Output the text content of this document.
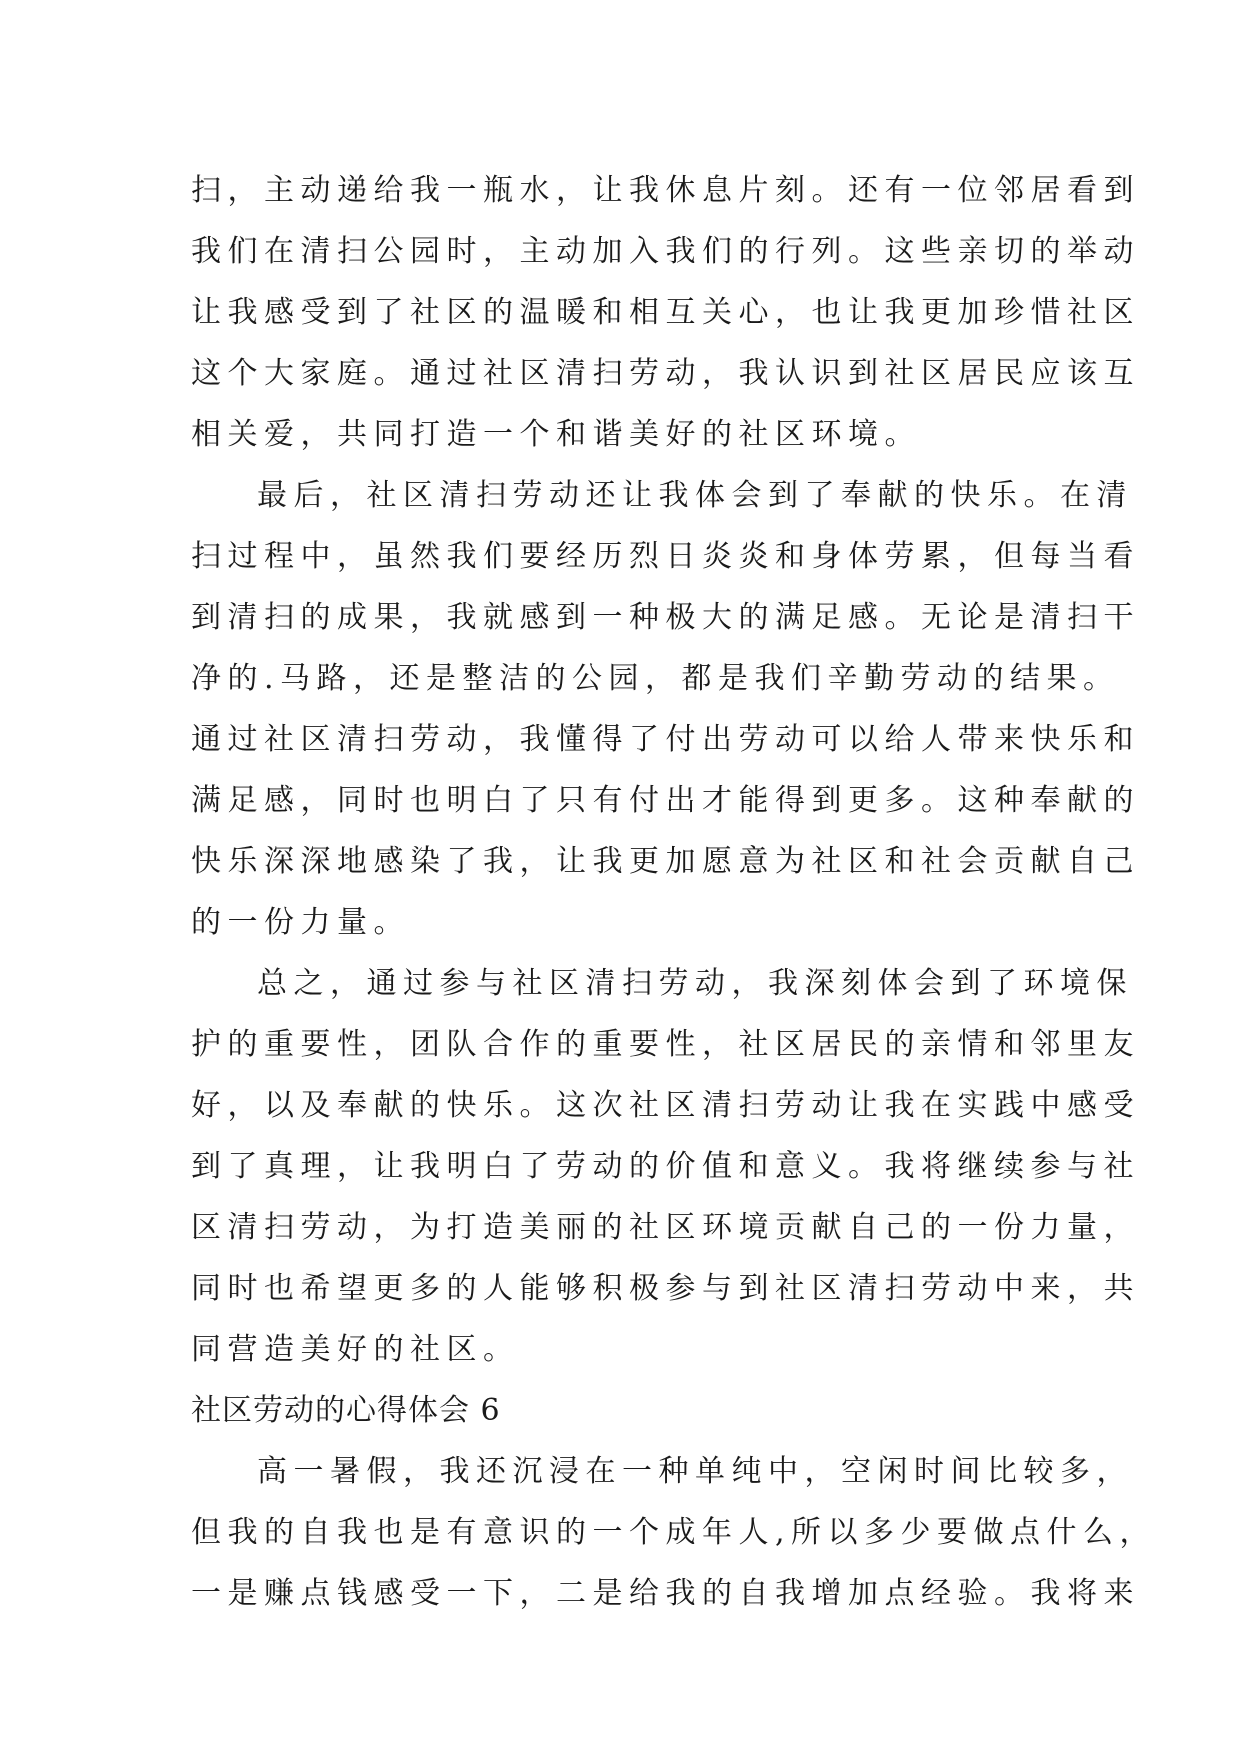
扫，主动递给我一瓶水，让我休息片刻。还有一位邻居看到
我们在清扫公园时，主动加入我们的行列。这些亲切的举动
让我感受到了社区的温暖和相互关心，也让我更加珍惜社区
这个大家庭。通过社区清扫劳动，我认识到社区居民应该互
相关爱，共同打造一个和谐美好的社区环境。
最后，社区清扫劳动还让我体会到了奉献的快乐。在清
扫过程中，虽然我们要经历烈日炎炎和身体劳累，但每当看
到清扫的成果，我就感到一种极大的满足感。无论是清扫干
净的.马路，还是整洁的公园，都是我们辛勤劳动的结果。
通过社区清扫劳动，我懂得了付出劳动可以给人带来快乐和
满足感，同时也明白了只有付出才能得到更多。这种奉献的
快乐深深地感染了我，让我更加愿意为社区和社会贡献自己
的一份力量。
总之，通过参与社区清扫劳动，我深刻体会到了环境保
护的重要性，团队合作的重要性，社区居民的亲情和邻里友
好，以及奉献的快乐。这次社区清扫劳动让我在实践中感受
到了真理，让我明白了劳动的价值和意义。我将继续参与社
区清扫劳动，为打造美丽的社区环境贡献自己的一份力量，
同时也希望更多的人能够积极参与到社区清扫劳动中来，共
同营造美好的社区。
社区劳动的心得体会 6
高一暑假，我还沉浸在一种单纯中，空闲时间比较多，
但我的自我也是有意识的一个成年人,所以多少要做点什么，
一是赚点钱感受一下，二是给我的自我增加点经验。我将来
